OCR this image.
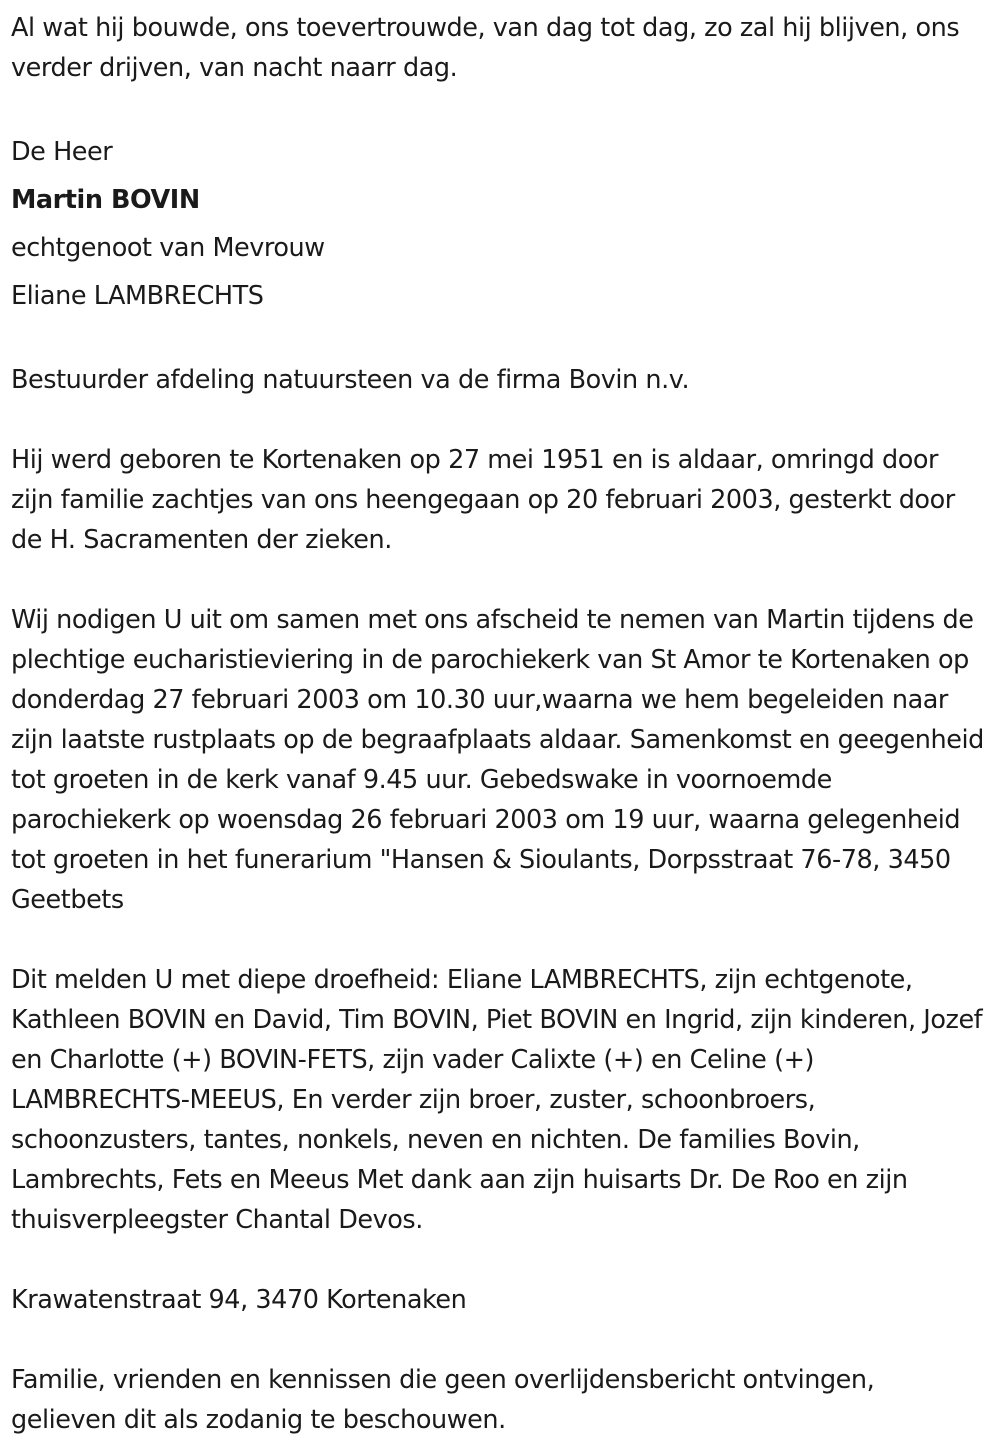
Al wat hij bouwde, ons toevertrouwde, van dag tot dag, zo zal hij blijven, ons verder drijven, van nacht naarr dag.

De Heer

Martin BOVIN

echtgenoot van Mevrouw

Eliane LAMBRECHTS

Bestuurder afdeling natuursteen va de firma Bovin n.v.

Hij werd geboren te Kortenaken op 27 mei 1951 en is aldaar, omringd door zijn familie zachtjes van ons heengegaan op 20 februari 2003, gesterkt door de H. Sacramenten der zieken.

Wij nodigen U uit om samen met ons afscheid te nemen van Martin tijdens de plechtige eucharistieviering in de parochiekerk van St Amor te Kortenaken op donderdag 27 februari 2003 om 10.30 uur,waarna we hem begeleiden naar zijn laatste rustplaats op de begraafplaats aldaar. Samenkomst en geegenheid tot groeten in de kerk vanaf 9.45 uur. Gebedswake in voornoemde parochiekerk op woensdag 26 februari 2003 om 19 uur, waarna gelegenheid tot groeten in het funerarium "Hansen & Sioulants, Dorpsstraat 76-78, 3450 Geetbets

Dit melden U met diepe droefheid: Eliane LAMBRECHTS, zijn echtgenote, Kathleen BOVIN en David, Tim BOVIN, Piet BOVIN en Ingrid, zijn kinderen, Jozef en Charlotte (+) BOVIN-FETS, zijn vader Calixte (+) en Celine (+) LAMBRECHTS-MEEUS, En verder zijn broer, zuster, schoonbroers, schoonzusters, tantes, nonkels, neven en nichten. De families Bovin, Lambrechts, Fets en Meeus Met dank aan zijn huisarts Dr. De Roo en zijn thuisverpleegster Chantal Devos.

Krawatenstraat 94, 3470 Kortenaken

Familie, vrienden en kennissen die geen overlijdensbericht ontvingen, gelieven dit als zodanig te beschouwen.
